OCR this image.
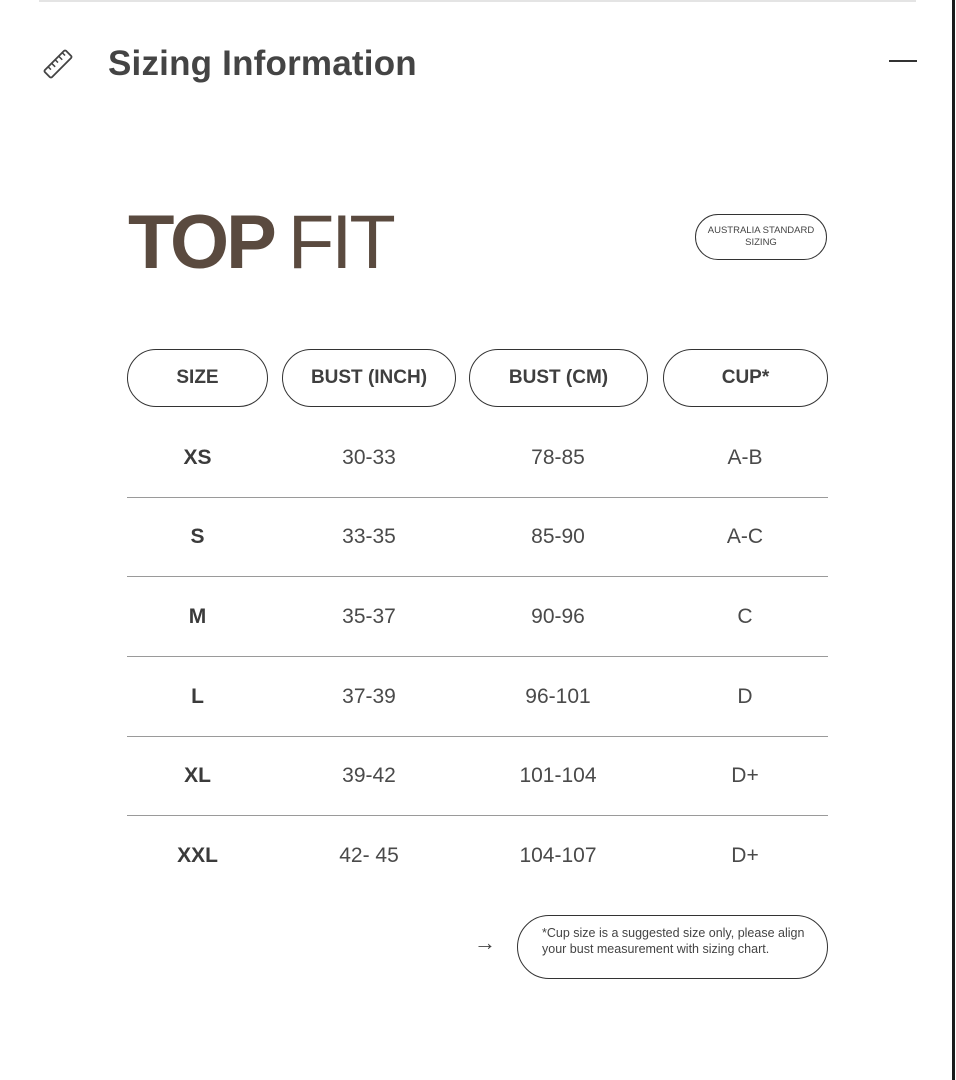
Sizing Information
TOP FIT	AUSTRALIA STANDARD SIZING
SIZE	BUST (INCH)	BUST (CM)	CUP*
XS	30-33	78-85	A-B
S	33-35	85-90	A-C
M	35-37	90-96	C
L	37-39	96-101	D
XL	39-42	101-104	D+
XXL	42- 45	104-107	D+
→	*Cup size is a suggested size only, please align your bust measurement with sizing chart.
